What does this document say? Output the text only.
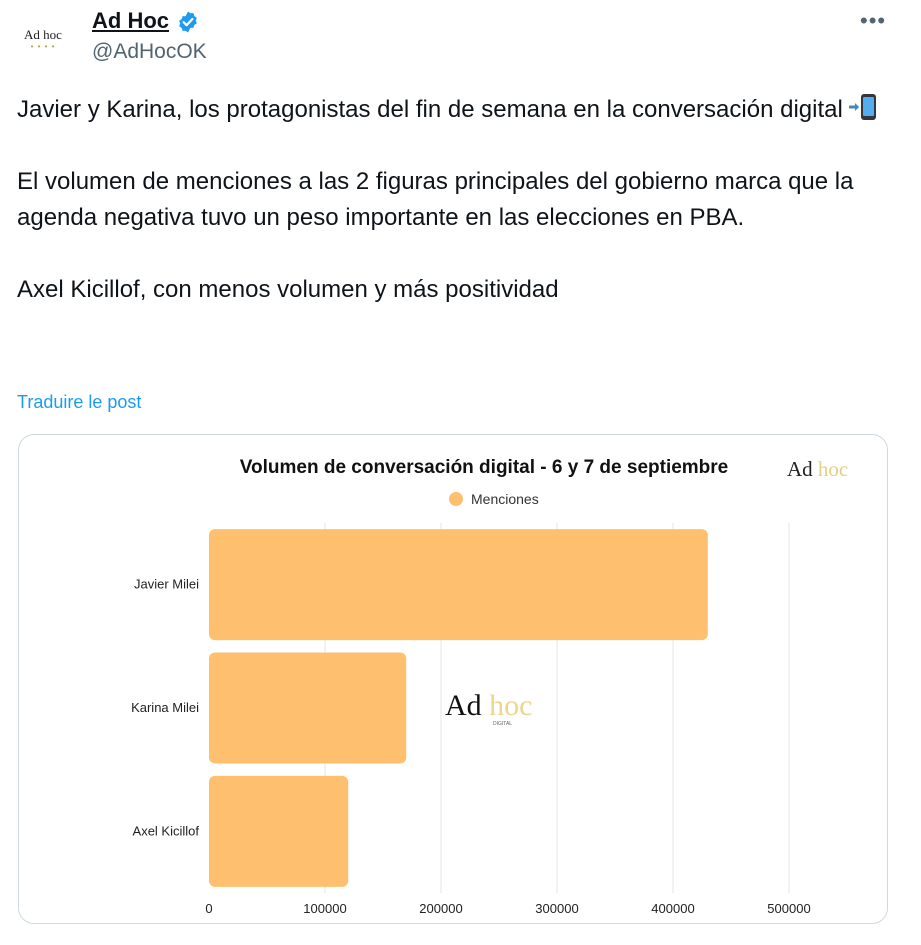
Ad hoc
• • • •
Ad Hoc
@AdHocOK
•••

Javier y Karina, los protagonistas del fin de semana en la conversación digital

El volumen de menciones a las 2 figuras principales del gobierno marca que la agenda negativa tuvo un peso importante en las elecciones en PBA.

Axel Kicillof, con menos volumen y más positividad

Traduire le post
Volumen de conversación digital - 6 y 7 de septiembre	Ad hoc
Menciones
0	100000	200000	300000	400000	500000
Javier Milei
Karina Milei
Axel Kicillof
Ad hoc
DIGITAL
